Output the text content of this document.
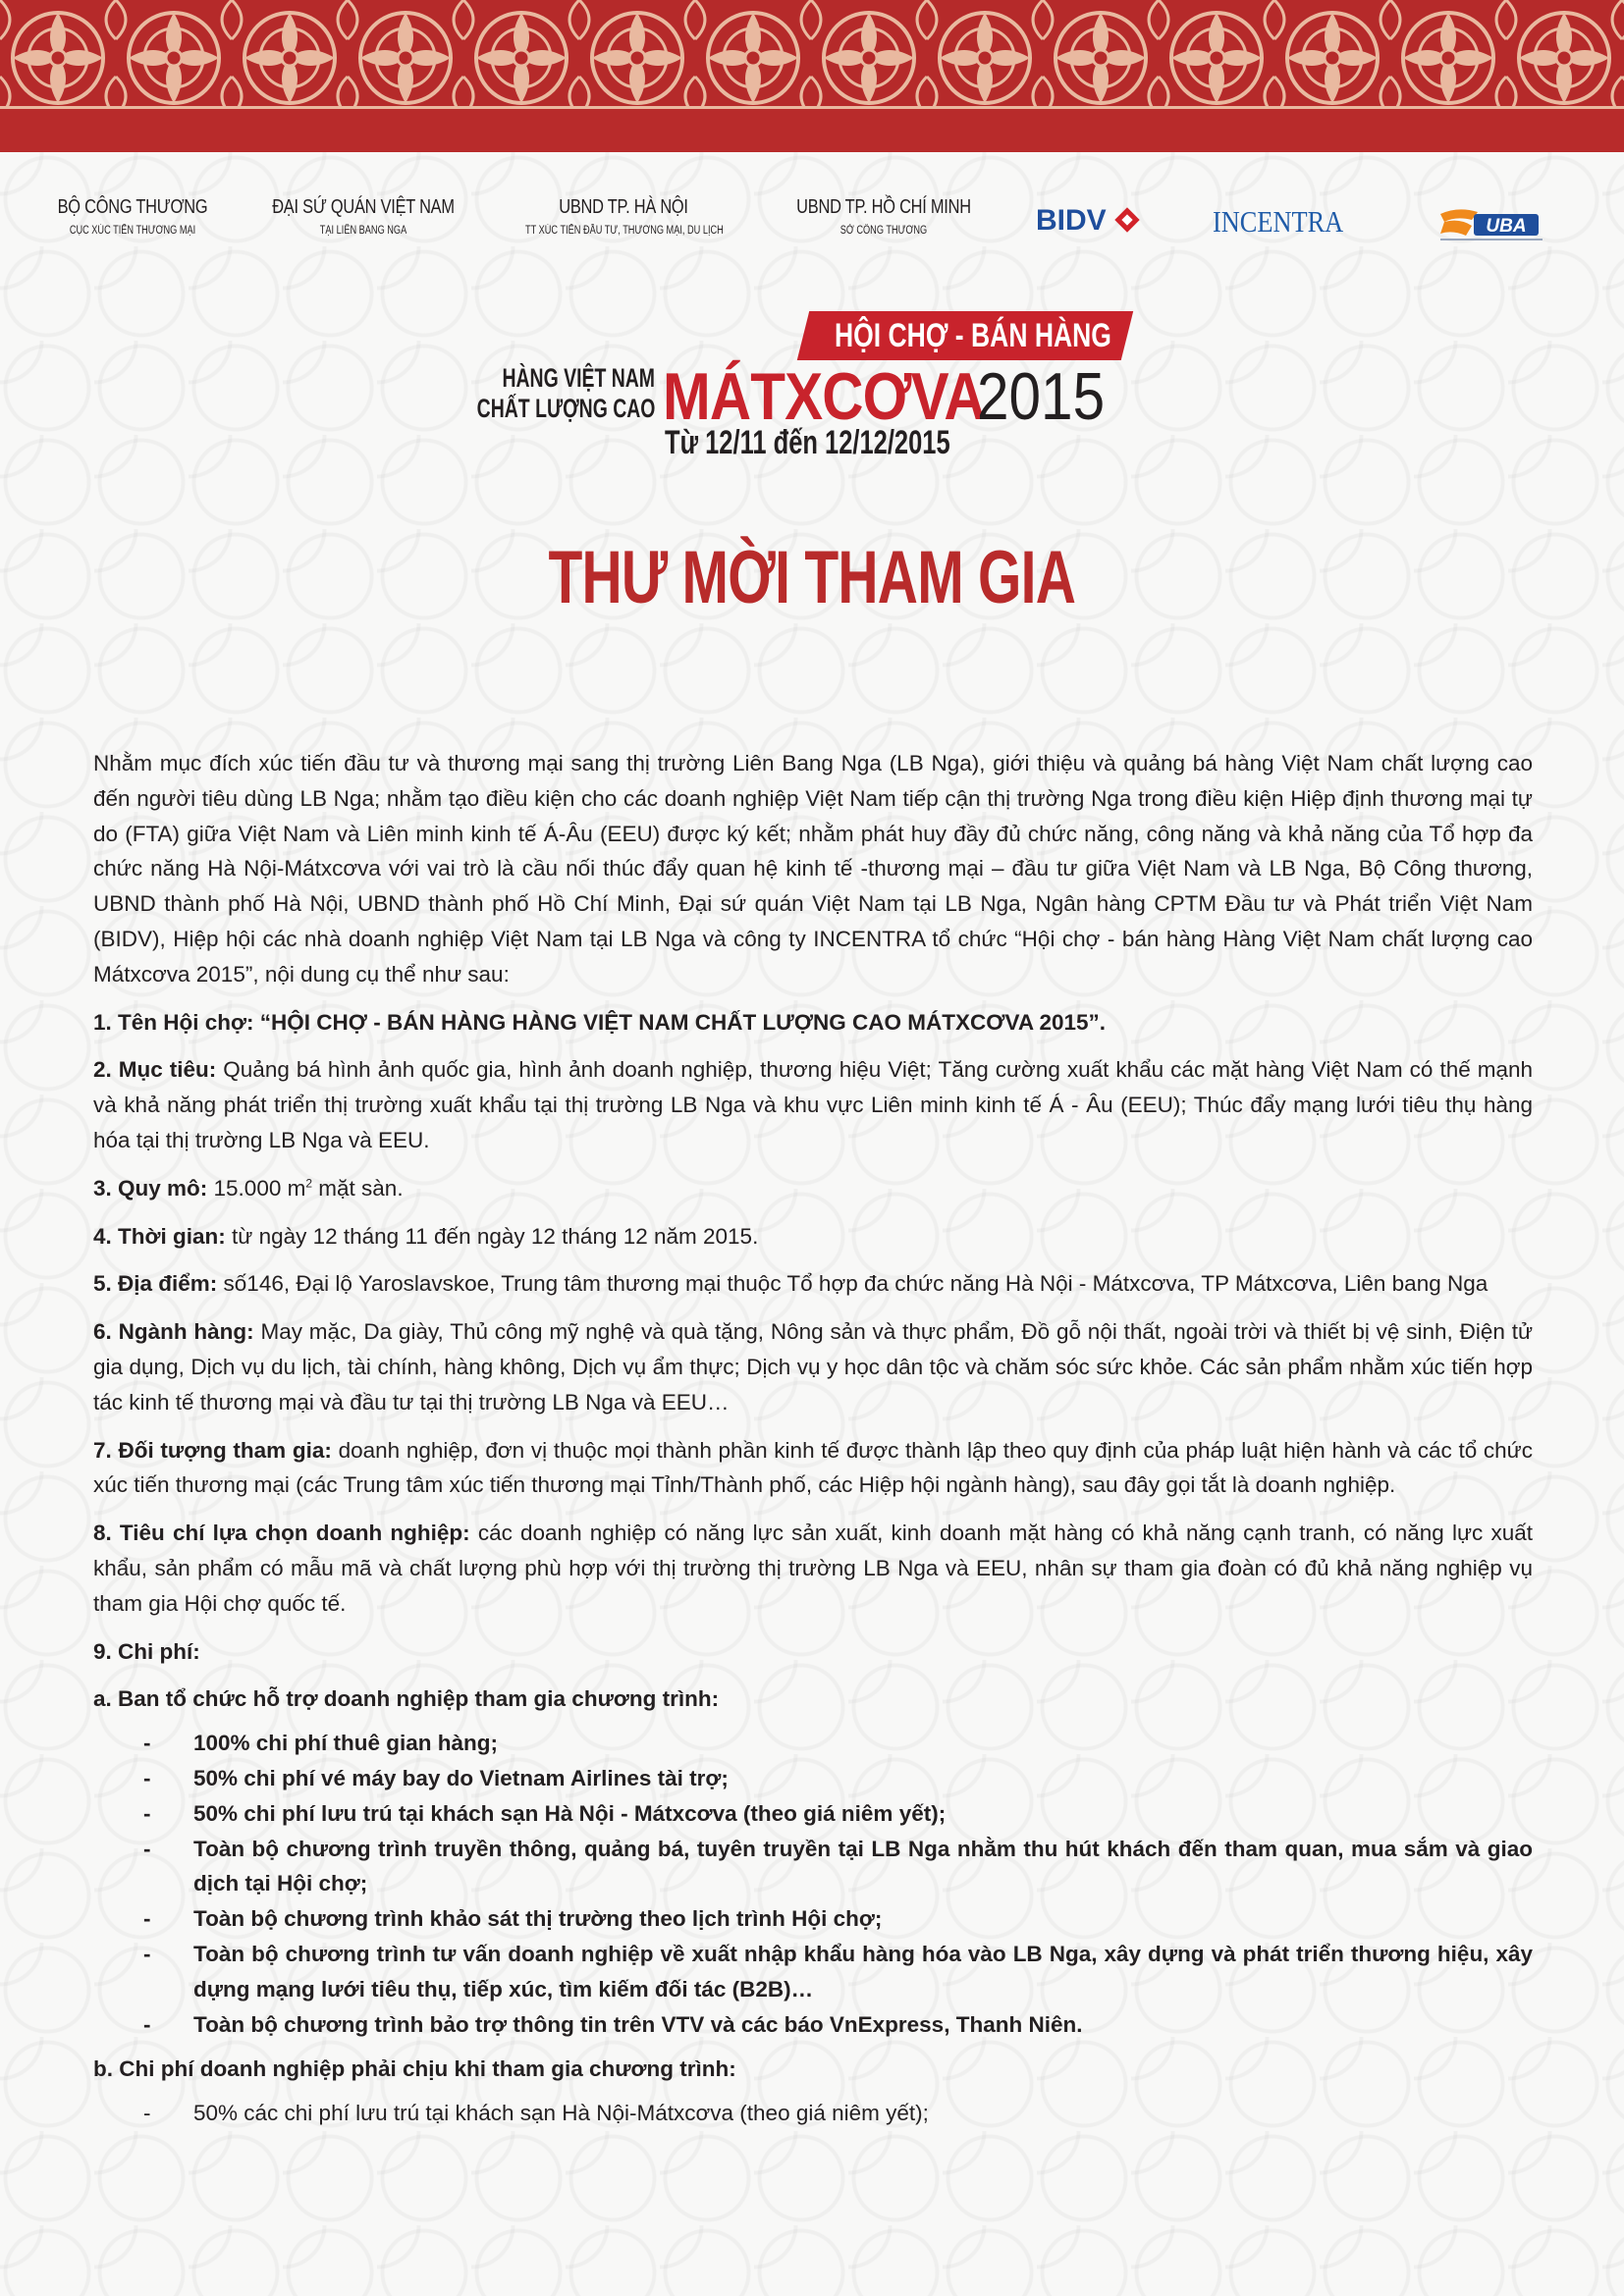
BỘ CÔNG THƯƠNG
CỤC XÚC TIẾN THƯƠNG MẠI
ĐẠI SỨ QUÁN VIỆT NAM
TẠI LIÊN BANG NGA
UBND TP. HÀ NỘI
TT XÚC TIẾN ĐẦU TƯ, THƯƠNG MẠI, DU LỊCH
UBND TP. HỒ CHÍ MINH
SỞ CÔNG THƯƠNG	BIDV	INCENTRA	UBA
HỘI CHỢ - BÁN HÀNG
HÀNG VIỆT NAM
CHẤT LƯỢNG CAO MÁTXCƠVA
2015
Từ 12/11 đến 12/12/2015
THƯ MỜI THAM GIA

Nhằm mục đích xúc tiến đầu tư và thương mại sang thị trường Liên Bang Nga (LB Nga), giới thiệu và quảng bá hàng Việt Nam chất lượng cao đến người tiêu dùng LB Nga; nhằm tạo điều kiện cho các doanh nghiệp Việt Nam tiếp cận thị trường Nga trong điều kiện Hiệp định thương mại tự do (FTA) giữa Việt Nam và Liên minh kinh tế Á-Âu (EEU) được ký kết; nhằm phát huy đầy đủ chức năng, công năng và khả năng của Tổ hợp đa chức năng Hà Nội-Mátxcơva với vai trò là cầu nối thúc đẩy quan hệ kinh tế -thương mại – đầu tư giữa Việt Nam và LB Nga, Bộ Công thương, UBND thành phố Hà Nội, UBND thành phố Hồ Chí Minh, Đại sứ quán Việt Nam tại LB Nga, Ngân hàng CPTM Đầu tư và Phát triển Việt Nam (BIDV), Hiệp hội các nhà doanh nghiệp Việt Nam tại LB Nga và công ty INCENTRA tổ chức “Hội chợ - bán hàng Hàng Việt Nam chất lượng cao Mátxcơva 2015”, nội dung cụ thể như sau:

1. Tên Hội chợ: “HỘI CHỢ - BÁN HÀNG HÀNG VIỆT NAM CHẤT LƯỢNG CAO MÁTXCƠVA 2015”.

2. Mục tiêu: Quảng bá hình ảnh quốc gia, hình ảnh doanh nghiệp, thương hiệu Việt; Tăng cường xuất khẩu các mặt hàng Việt Nam có thế mạnh và khả năng phát triển thị trường xuất khẩu tại thị trường LB Nga và khu vực Liên minh kinh tế Á - Âu (EEU); Thúc đẩy mạng lưới tiêu thụ hàng hóa tại thị trường LB Nga và EEU.

3. Quy mô: 15.000 $m^2$ mặt sàn.

4. Thời gian: từ ngày 12 tháng 11 đến ngày 12 tháng 12 năm 2015.

5. Địa điểm: số146, Đại lộ Yaroslavskoe, Trung tâm thương mại thuộc Tổ hợp đa chức năng Hà Nội - Mátxcơva, TP Mátxcơva, Liên bang Nga

6. Ngành hàng: May mặc, Da giày, Thủ công mỹ nghệ và quà tặng, Nông sản và thực phẩm, Đồ gỗ nội thất, ngoài trời và thiết bị vệ sinh, Điện tử gia dụng, Dịch vụ du lịch, tài chính, hàng không, Dịch vụ ẩm thực; Dịch vụ y học dân tộc và chăm sóc sức khỏe. Các sản phẩm nhằm xúc tiến hợp tác kinh tế thương mại và đầu tư tại thị trường LB Nga và EEU…

7. Đối tượng tham gia: doanh nghiệp, đơn vị thuộc mọi thành phần kinh tế được thành lập theo quy định của pháp luật hiện hành và các tổ chức xúc tiến thương mại (các Trung tâm xúc tiến thương mại Tỉnh/Thành phố, các Hiệp hội ngành hàng), sau đây gọi tắt là doanh nghiệp.

8. Tiêu chí lựa chọn doanh nghiệp: các doanh nghiệp có năng lực sản xuất, kinh doanh mặt hàng có khả năng cạnh tranh, có năng lực xuất khẩu, sản phẩm có mẫu mã và chất lượng phù hợp với thị trường thị trường LB Nga và EEU, nhân sự tham gia đoàn có đủ khả năng nghiệp vụ tham gia Hội chợ quốc tế.

9. Chi phí:

a. Ban tổ chức hỗ trợ doanh nghiệp tham gia chương trình:

- 100% chi phí thuê gian hàng;
- 50% chi phí vé máy bay do Vietnam Airlines tài trợ;
- 50% chi phí lưu trú tại khách sạn Hà Nội - Mátxcơva (theo giá niêm yết);
- Toàn bộ chương trình truyền thông, quảng bá, tuyên truyền tại LB Nga nhằm thu hút khách đến tham quan, mua sắm và giao dịch tại Hội chợ;
- Toàn bộ chương trình khảo sát thị trường theo lịch trình Hội chợ;
- Toàn bộ chương trình tư vấn doanh nghiệp về xuất nhập khẩu hàng hóa vào LB Nga, xây dựng và phát triển thương hiệu, xây dựng mạng lưới tiêu thụ, tiếp xúc, tìm kiếm đối tác (B2B)…
- Toàn bộ chương trình bảo trợ thông tin trên VTV và các báo VnExpress, Thanh Niên.

b. Chi phí doanh nghiệp phải chịu khi tham gia chương trình:

- 50% các chi phí lưu trú tại khách sạn Hà Nội-Mátxcơva (theo giá niêm yết);
